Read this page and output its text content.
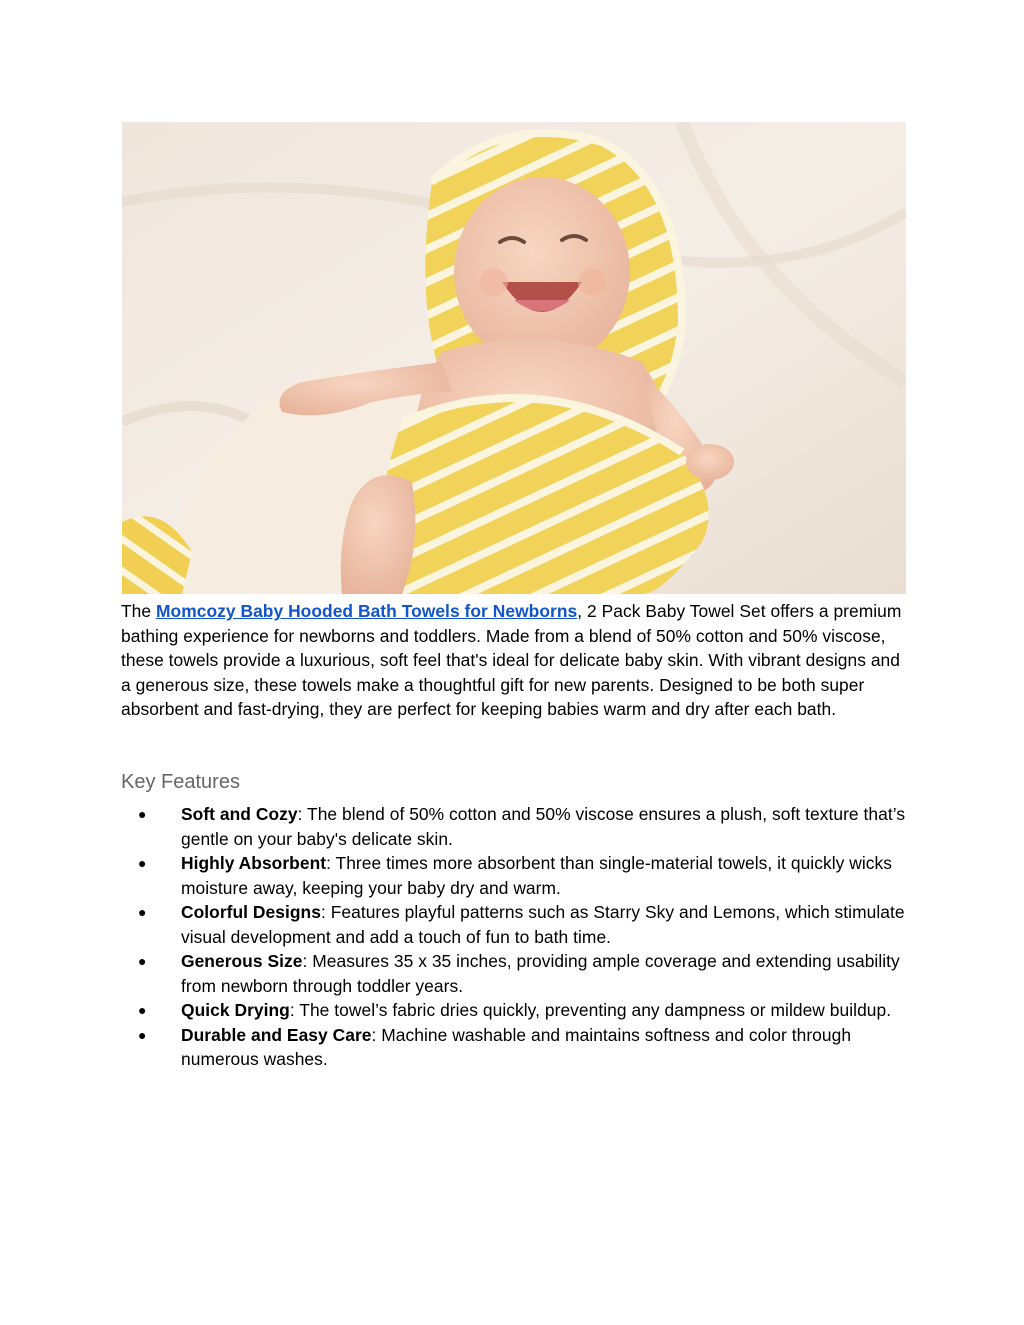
The Momcozy Baby Hooded Bath Towels for Newborns, 2 Pack Baby Towel Set offers a premium bathing experience for newborns and toddlers. Made from a blend of 50% cotton and 50% viscose, these towels provide a luxurious, soft feel that's ideal for delicate baby skin. With vibrant designs and a generous size, these towels make a thoughtful gift for new parents. Designed to be both super absorbent and fast-drying, they are perfect for keeping babies warm and dry after each bath.

Key Features
● Soft and Cozy: The blend of 50% cotton and 50% viscose ensures a plush, soft texture that’s gentle on your baby's delicate skin.
● Highly Absorbent: Three times more absorbent than single-material towels, it quickly wicks moisture away, keeping your baby dry and warm.
● Colorful Designs: Features playful patterns such as Starry Sky and Lemons, which stimulate visual development and add a touch of fun to bath time.
● Generous Size: Measures 35 x 35 inches, providing ample coverage and extending usability from newborn through toddler years.
● Quick Drying: The towel’s fabric dries quickly, preventing any dampness or mildew buildup.
● Durable and Easy Care: Machine washable and maintains softness and color through numerous washes.
